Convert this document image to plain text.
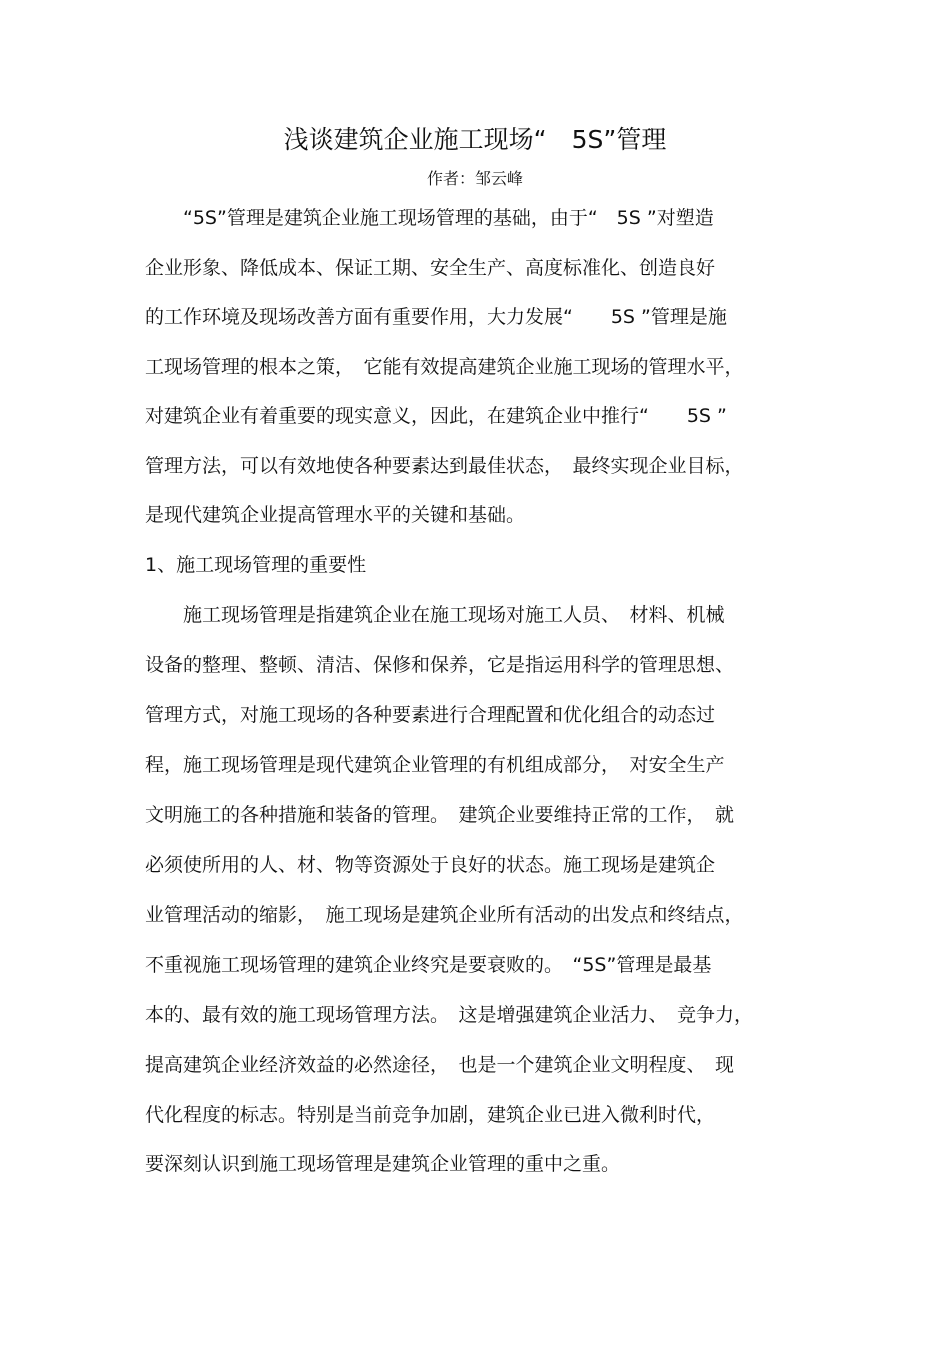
浅谈建筑企业施工现场“　5S”管理
作者：邹云峰
　　“5S”管理是建筑企业施工现场管理的基础，由于“　5S ”对塑造
企业形象、降低成本、保证工期、安全生产、高度标准化、创造良好
的工作环境及现场改善方面有重要作用，大力发展“　　5S ”管理是施
工现场管理的根本之策，　它能有效提高建筑企业施工现场的管理水平，
对建筑企业有着重要的现实意义，因此，在建筑企业中推行“　　5S ”
管理方法，可以有效地使各种要素达到最佳状态，　最终实现企业目标，
是现代建筑企业提高管理水平的关键和基础。
1、施工现场管理的重要性
　　施工现场管理是指建筑企业在施工现场对施工人员、　材料、机械
设备的整理、整顿、清洁、保修和保养，它是指运用科学的管理思想、
管理方式，对施工现场的各种要素进行合理配置和优化组合的动态过
程，施工现场管理是现代建筑企业管理的有机组成部分，　对安全生产
文明施工的各种措施和装备的管理。　建筑企业要维持正常的工作，　就
必须使所用的人、材、物等资源处于良好的状态。施工现场是建筑企
业管理活动的缩影，　施工现场是建筑企业所有活动的出发点和终结点，
不重视施工现场管理的建筑企业终究是要衰败的。　“5S”管理是最基
本的、最有效的施工现场管理方法。　这是增强建筑企业活力、　竞争力，
提高建筑企业经济效益的必然途径，　也是一个建筑企业文明程度、　现
代化程度的标志。特别是当前竞争加剧，建筑企业已进入微利时代，
要深刻认识到施工现场管理是建筑企业管理的重中之重。
